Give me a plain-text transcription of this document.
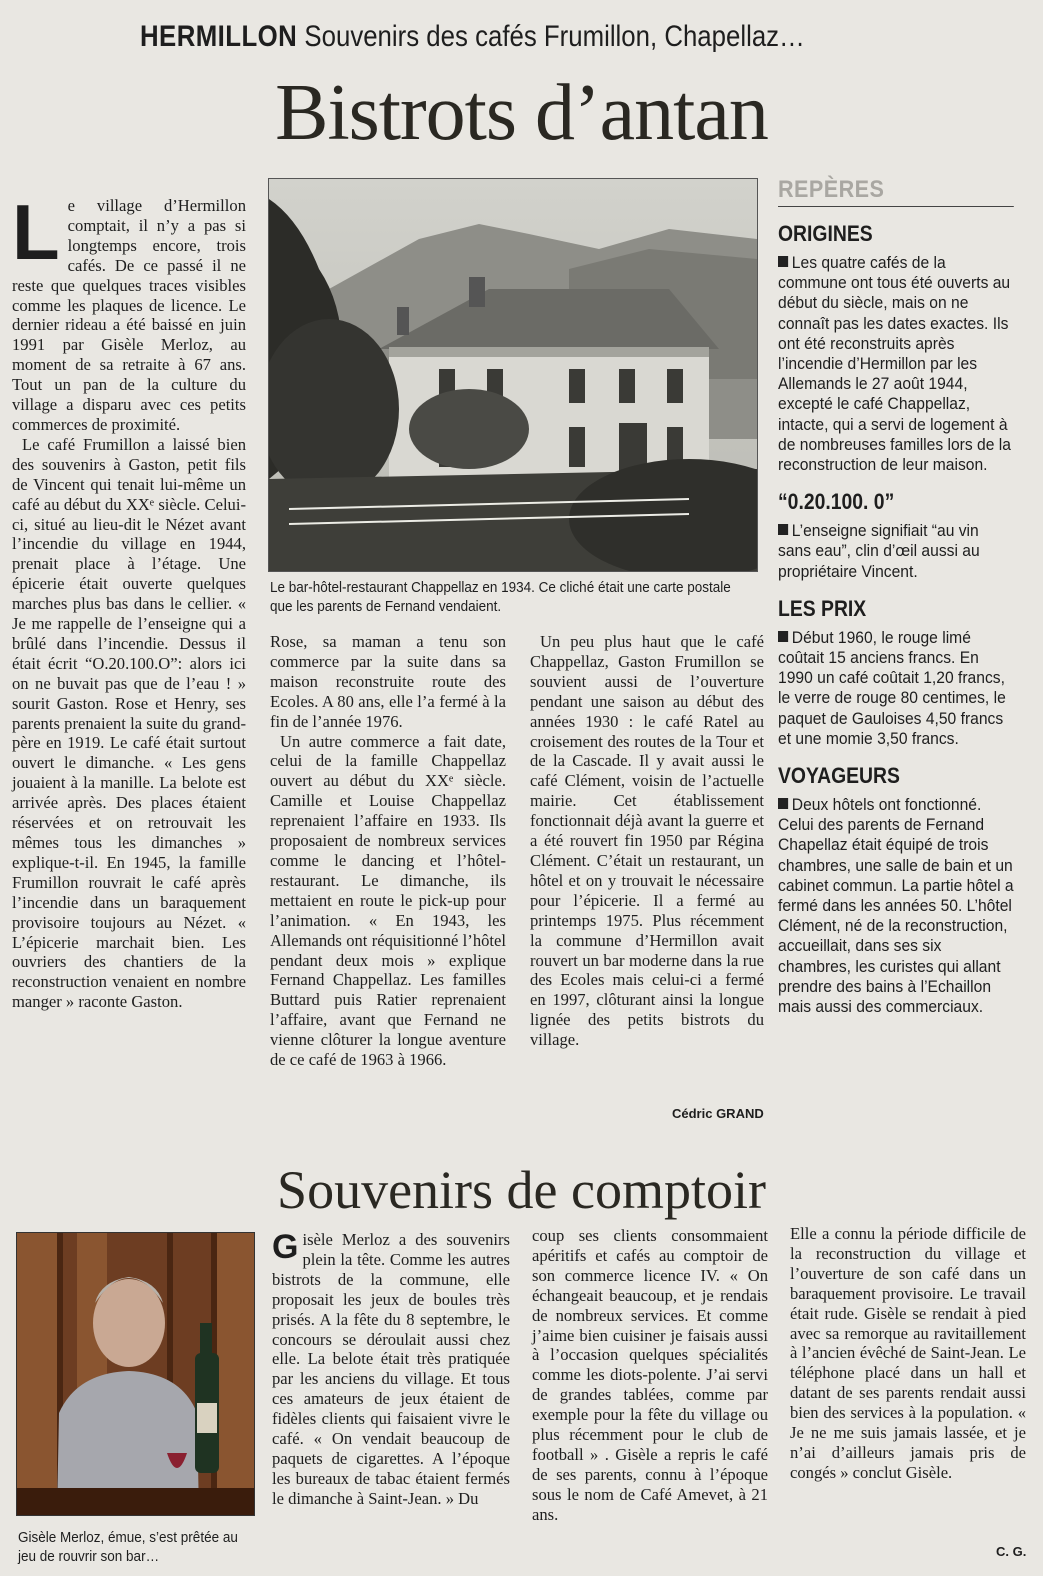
HERMILLON Souvenirs des cafés Frumillon, Chapellaz…
Bistrots d’antan
L e village d’Hermillon comptait, il n’y a pas si longtemps encore, trois cafés. De ce passé il ne reste que quelques traces visibles comme les plaques de licence. Le dernier rideau a été baissé en juin 1991 par Gisèle Merloz, au moment de sa retraite à 67 ans. Tout un pan de la culture du village a disparu avec ces petits commerces de proximité.

Le café Frumillon a laissé bien des souvenirs à Gaston, petit fils de Vincent qui tenait lui-même un café au début du XXᵉ siècle. Celui-ci, situé au lieu-dit le Nézet avant l’incendie du village en 1944, prenait place à l’étage. Une épicerie était ouverte quelques marches plus bas dans le cellier. « Je me rappelle de l’enseigne qui a brûlé dans l’incendie. Dessus il était écrit “O.20.100.O”: alors ici on ne buvait pas que de l’eau ! » sourit Gaston. Rose et Henry, ses parents prenaient la suite du grand-père en 1919. Le café était surtout ouvert le dimanche. « Les gens jouaient à la manille. La belote est arrivée après. Des places étaient réservées et on retrouvait les mêmes tous les dimanches » explique-t-il. En 1945, la famille Frumillon rouvrait le café après l’incendie dans un baraquement provisoire toujours au Nézet. « L’épicerie marchait bien. Les ouvriers des chantiers de la reconstruction venaient en nombre manger » raconte Gaston.

Le bar-hôtel-restaurant Chappellaz en 1934. Ce cliché était une carte postale que les parents de Fernand vendaient.

Rose, sa maman a tenu son commerce par la suite dans sa maison reconstruite route des Ecoles. A 80 ans, elle l’a fermé à la fin de l’année 1976.

Un autre commerce a fait date, celui de la famille Chappellaz ouvert au début du XXᵉ siècle. Camille et Louise Chappellaz reprenaient l’affaire en 1933. Ils proposaient de nombreux services comme le dancing et l’hôtel-restaurant. Le dimanche, ils mettaient en route le pick-up pour l’animation. « En 1943, les Allemands ont réquisitionné l’hôtel pendant deux mois » explique Fernand Chappellaz. Les familles Buttard puis Ratier reprenaient l’affaire, avant que Fernand ne vienne clôturer la longue aventure de ce café de 1963 à 1966.

Un peu plus haut que le café Chappellaz, Gaston Frumillon se souvient aussi de l’ouverture pendant une saison au début des années 1930 : le café Ratel au croisement des routes de la Tour et de la Cascade. Il y avait aussi le café Clément, voisin de l’actuelle mairie. Cet établissement fonctionnait déjà avant la guerre et a été rouvert fin 1950 par Régina Clément. C’était un restaurant, un hôtel et on y trouvait le nécessaire pour l’épicerie. Il a fermé au printemps 1975. Plus récemment la commune d’Hermillon avait rouvert un bar moderne dans la rue des Ecoles mais celui-ci a fermé en 1997, clôturant ainsi la longue lignée des petits bistrots du village.

Cédric GRAND
REPÈRES
ORIGINES
Les quatre cafés de la commune ont tous été ouverts au début du siècle, mais on ne connaît pas les dates exactes. Ils ont été reconstruits après l’incendie d’Hermillon par les Allemands le 27 août 1944, excepté le café Chappellaz, intacte, qui a servi de logement à de nombreuses familles lors de la reconstruction de leur maison.
“0.20.100. 0”
L’enseigne signifiait “au vin sans eau”, clin d’œil aussi au propriétaire Vincent.
LES PRIX
Début 1960, le rouge limé coûtait 15 anciens francs. En 1990 un café coûtait 1,20 francs, le verre de rouge 80 centimes, le paquet de Gauloises 4,50 francs et une momie 3,50 francs.
VOYAGEURS
Deux hôtels ont fonctionné. Celui des parents de Fernand Chapellaz était équipé de trois chambres, une salle de bain et un cabinet commun. La partie hôtel a fermé dans les années 50. L’hôtel Clément, né de la reconstruction, accueillait, dans ses six chambres, les curistes qui allant prendre des bains à l’Echaillon mais aussi des commerciaux.
Souvenirs de comptoir
Gisèle Merloz, émue, s’est prêtée au jeu de rouvrir son bar…
G isèle Merloz a des souvenirs plein la tête. Comme les autres bistrots de la commune, elle proposait les jeux de boules très prisés. A la fête du 8 septembre, le concours se déroulait aussi chez elle. La belote était très pratiquée par les anciens du village. Et tous ces amateurs de jeux étaient de fidèles clients qui faisaient vivre le café. « On vendait beaucoup de paquets de cigarettes. A l’époque les bureaux de tabac étaient fermés le dimanche à Saint-Jean. » Du

coup ses clients consommaient apéritifs et cafés au comptoir de son commerce licence IV. « On échangeait beaucoup, et je rendais de nombreux services. Et comme j’aime bien cuisiner je faisais aussi à l’occasion quelques spécialités comme les diots-polente. J’ai servi de grandes tablées, comme par exemple pour la fête du village ou plus récemment pour le club de football » . Gisèle a repris le café de ses parents, connu à l’époque sous le nom de Café Amevet, à 21 ans.

Elle a connu la période difficile de la reconstruction du village et l’ouverture de son café dans un baraquement provisoire. Le travail était rude. Gisèle se rendait à pied avec sa remorque au ravitaillement à l’ancien évêché de Saint-Jean. Le téléphone placé dans un hall et datant de ses parents rendait aussi bien des services à la population. « Je ne me suis jamais lassée, et je n’ai d’ailleurs jamais pris de congés » conclut Gisèle.

C. G.
